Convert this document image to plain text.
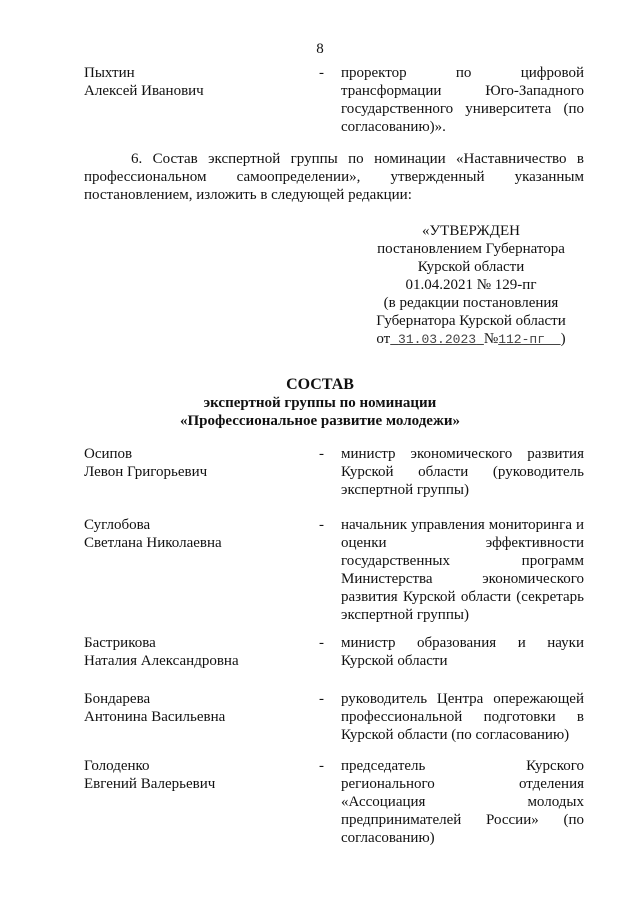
8
Пыхтин
Алексей Иванович
- проректор по цифровой трансформации Юго-Западного государственного университета (по согласованию)».
6. Состав экспертной группы по номинации «Наставничество в профессиональном самоопределении», утвержденный указанным постановлением, изложить в следующей редакции:
«УТВЕРЖДЕН
постановлением Губернатора
Курской области
01.04.2021 № 129-пг
(в редакции постановления
Губернатора Курской области
от 31.03.2023 №112-пг )
СОСТАВ
экспертной группы по номинации
«Профессиональное развитие молодежи»
Осипов
Левон Григорьевич
- министр экономического развития Курской области (руководитель экспертной группы)
Суглобова
Светлана Николаевна
- начальник управления мониторинга и оценки эффективности государственных программ Министерства экономического развития Курской области (секретарь экспертной группы)
Бастрикова
Наталия Александровна
- министр образования и науки Курской области
Бондарева
Антонина Васильевна
- руководитель Центра опережающей профессиональной подготовки в Курской области (по согласованию)
Голоденко
Евгений Валерьевич
- председатель Курского регионального отделения «Ассоциация молодых предпринимателей России» (по согласованию)
